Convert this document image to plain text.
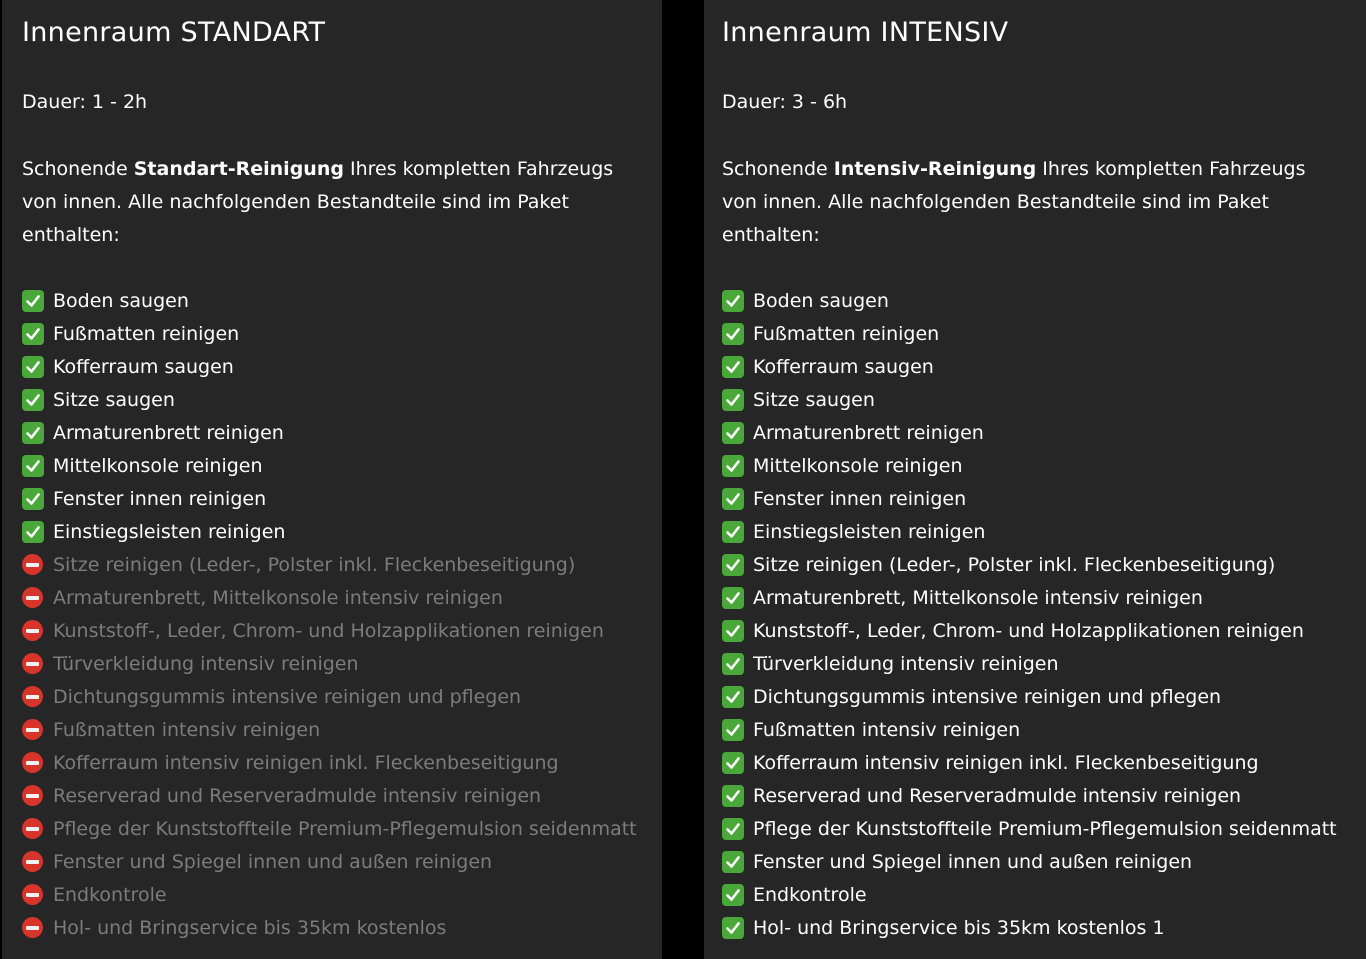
Innenraum STANDART
Dauer: 1 - 2h

Schonende Standart-Reinigung Ihres kompletten Fahrzeugs von innen. Alle nachfolgenden Bestandteile sind im Paket enthalten:

Boden saugen
Fußmatten reinigen
Kofferraum saugen
Sitze saugen
Armaturenbrett reinigen
Mittelkonsole reinigen
Fenster innen reinigen
Einstiegsleisten reinigen
Sitze reinigen (Leder-, Polster inkl. Fleckenbeseitigung)
Armaturenbrett, Mittelkonsole intensiv reinigen
Kunststoff-, Leder, Chrom- und Holzapplikationen reinigen
Türverkleidung intensiv reinigen
Dichtungsgummis intensive reinigen und pflegen
Fußmatten intensiv reinigen
Kofferraum intensiv reinigen inkl. Fleckenbeseitigung
Reserverad und Reserveradmulde intensiv reinigen
Pflege der Kunststoffteile Premium-Pflegemulsion seidenmatt
Fenster und Spiegel innen und außen reinigen
Endkontrole
Hol- und Bringservice bis 35km kostenlos
Innenraum INTENSIV
Dauer: 3 - 6h

Schonende Intensiv-Reinigung Ihres kompletten Fahrzeugs von innen. Alle nachfolgenden Bestandteile sind im Paket enthalten:

Boden saugen
Fußmatten reinigen
Kofferraum saugen
Sitze saugen
Armaturenbrett reinigen
Mittelkonsole reinigen
Fenster innen reinigen
Einstiegsleisten reinigen
Sitze reinigen (Leder-, Polster inkl. Fleckenbeseitigung)
Armaturenbrett, Mittelkonsole intensiv reinigen
Kunststoff-, Leder, Chrom- und Holzapplikationen reinigen
Türverkleidung intensiv reinigen
Dichtungsgummis intensive reinigen und pflegen
Fußmatten intensiv reinigen
Kofferraum intensiv reinigen inkl. Fleckenbeseitigung
Reserverad und Reserveradmulde intensiv reinigen
Pflege der Kunststoffteile Premium-Pflegemulsion seidenmatt
Fenster und Spiegel innen und außen reinigen
Endkontrole
Hol- und Bringservice bis 35km kostenlos 1
